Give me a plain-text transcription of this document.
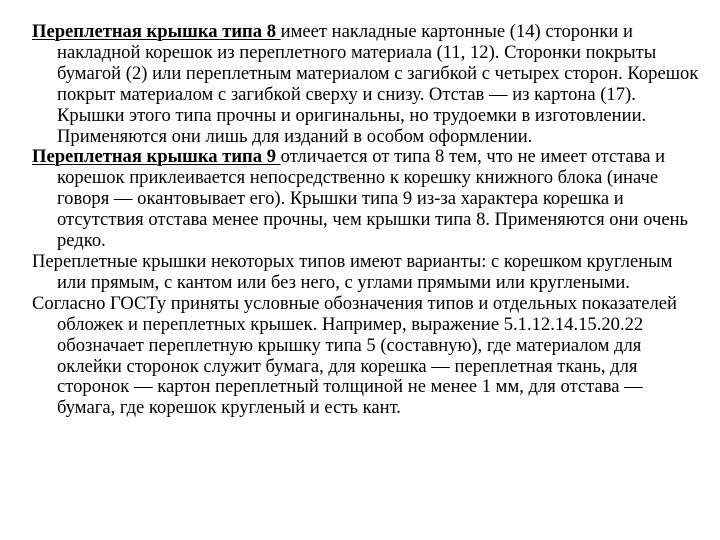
Переплетная крышка типа 8 имеет накладные картонные (14) сторонки и накладной корешок из переплетного материала (11, 12). Сторонки покрыты бумагой (2) или переплетным материалом с загибкой с четырех сторон. Корешок покрыт материалом с загибкой сверху и снизу. Отстав — из картона (17). Крышки этого типа прочны и оригинальны, но трудоемки в изготовлении. Применяются они лишь для изданий в особом оформлении.

Переплетная крышка типа 9 отличается от типа 8 тем, что не имеет отстава и корешок приклеивается непосредственно к корешку книжного блока (иначе говоря — окантовывает его). Крышки типа 9 из-за характера корешка и отсутствия отстава менее прочны, чем крышки типа 8. Применяются они очень редко.

Переплетные крышки некоторых типов имеют варианты: с корешком кругленым или прямым, с кантом или без него, с углами прямыми или круглеными.

Согласно ГОСТу приняты условные обозначения типов и отдельных показателей обложек и переплетных крышек. Например, выражение 5.1.12.14.15.20.22 обозначает переплетную крышку типа 5 (составную), где материалом для оклейки сторонок служит бумага, для корешка — переплетная ткань, для сторонок — картон переплетный толщиной не менее 1 мм, для отстава — бумага, где корешок кругленый и есть кант.
